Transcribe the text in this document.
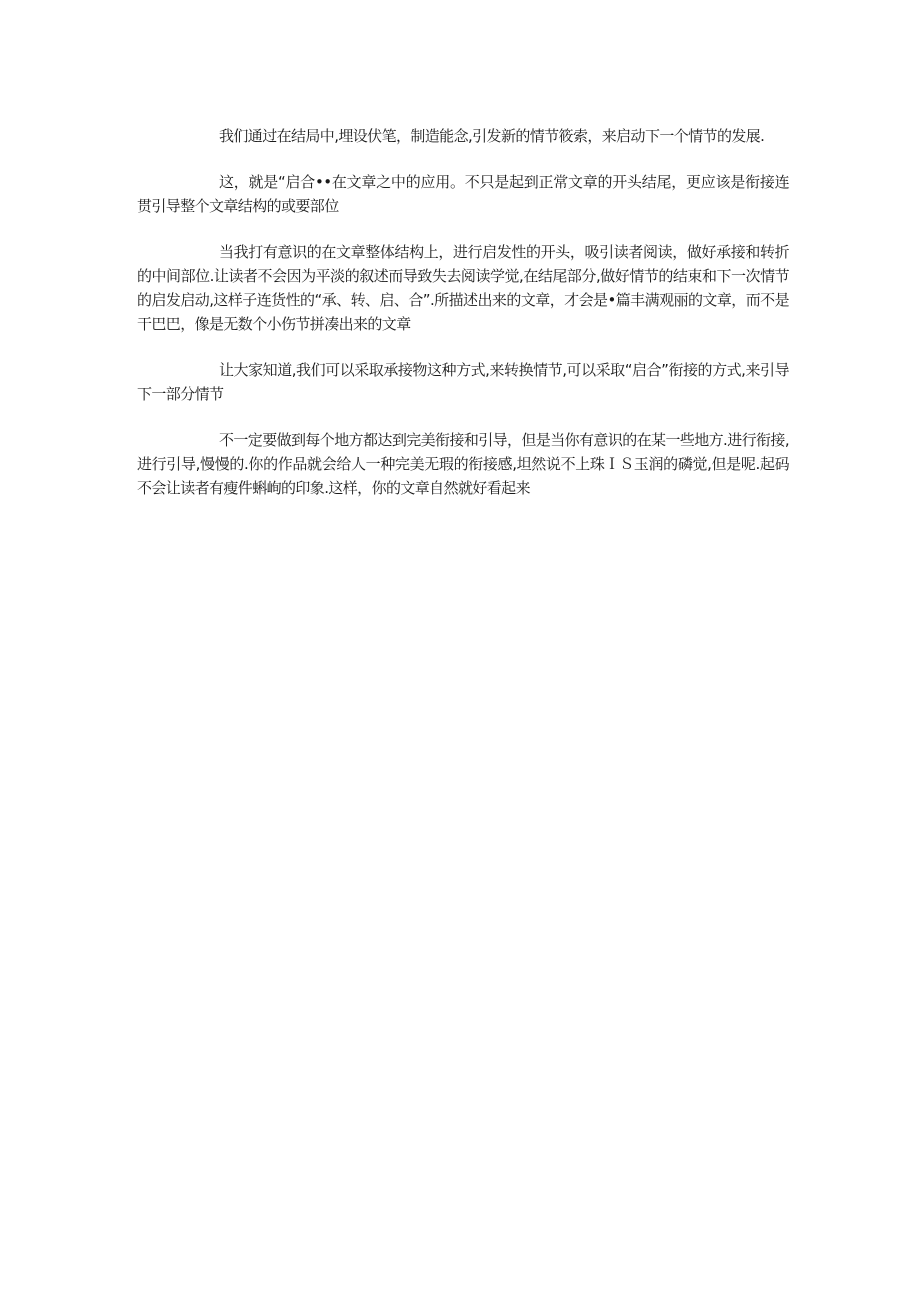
我们通过在结局中,埋设伏笔，制造能念,引发新的情节筱索，来启动下一个情节的发展.

这，就是“启合••在文章之中的应用。不只是起到正常文章的开头结尾，更应该是衔接连贯引导整个文章结构的或要部位

当我打有意识的在文章整体结构上，进行启发性的开头，吸引读者阅读，做好承接和转折的中间部位.让读者不会因为平淡的叙述而导致失去阅读学觉,在结尾部分,做好情节的结束和下一次情节的启发启动,这样子连货性的“承、转、启、合”.所描述出来的文章，才会是•篇丰满观丽的文章，而不是干巴巴，像是无数个小伤节拼凑出来的文章

让大家知道,我们可以采取承接物这种方式,来转换情节,可以采取“启合”衔接的方式,来引导下一部分情节

不一定要做到每个地方都达到完美衔接和引导，但是当你有意识的在某一些地方.进行衔接,进行引导,慢慢的.你的作品就会给人一种完美无瑕的衔接感,坦然说不上珠ＩＳ玉润的磷觉,但是呢.起码不会让读者有瘦件蝌峋的印象.这样，你的文章自然就好看起来
